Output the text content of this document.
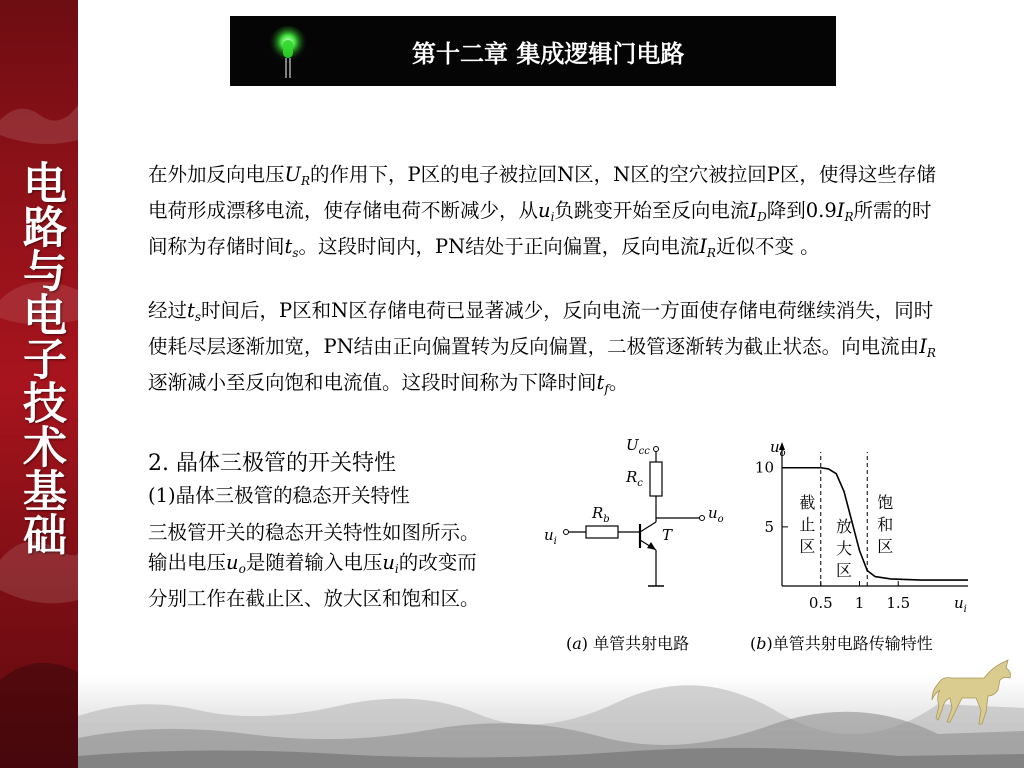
电路与电子技术基础
第十二章 集成逻辑门电路

在外加反向电压$U_R$的作用下，P区的电子被拉回N区，N区的空穴被拉回P区，使得这些存储电荷形成漂移电流，使存储电荷不断减少，从$u_i$负跳变开始至反向电流$I_D$降到$0.9I_R$所需的时间称为存储时间$t_s$。这段时间内，PN结处于正向偏置，反向电流$I_R$近似不变 。

经过$t_s$时间后，P区和N区存储电荷已显著减少，反向电流一方面使存储电荷继续消失，同时使耗尽层逐渐加宽，PN结由正向偏置转为反向偏置，二极管逐渐转为截止状态。向电流由$I_R$逐渐减小至反向饱和电流值。这段时间称为下降时间$t_f$。

2. 晶体三极管的开关特性
(1)晶体三极管的稳态开关特性

三极管开关的稳态开关特性如图所示。输出电压$u_o$是随着输入电压$u_i$的改变而分别工作在截止区、放大区和饱和区。

$U_{cc}$
$R_c$
$u_o$
T
$R_b$
$u_i$
$u_o$
$u_i$
5
10
0.5 1 1.5
截
止
区
放
大
区
饱
和
区
(a) 单管共射电路	(b)单管共射电路传输特性
